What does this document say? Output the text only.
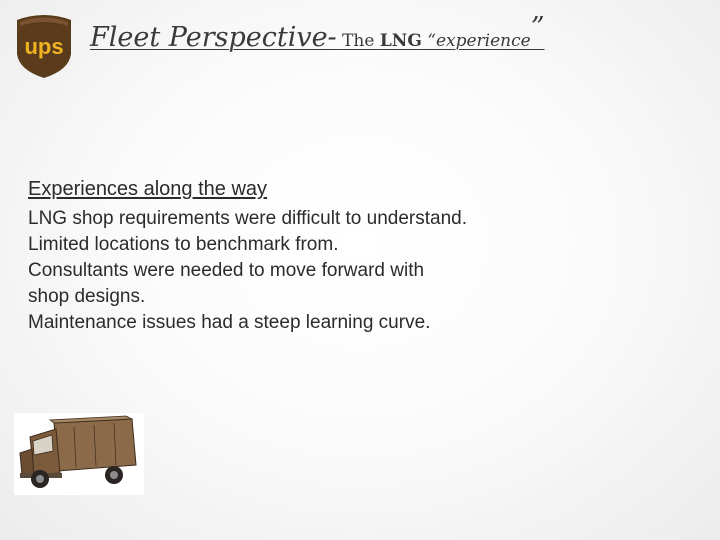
ups Fleet Perspective- The LNG “experience”

Experiences along the way

LNG shop requirements were difficult to understand.

Limited locations to benchmark from.

Consultants were needed to move forward with

shop designs.

Maintenance issues had a steep learning curve.
